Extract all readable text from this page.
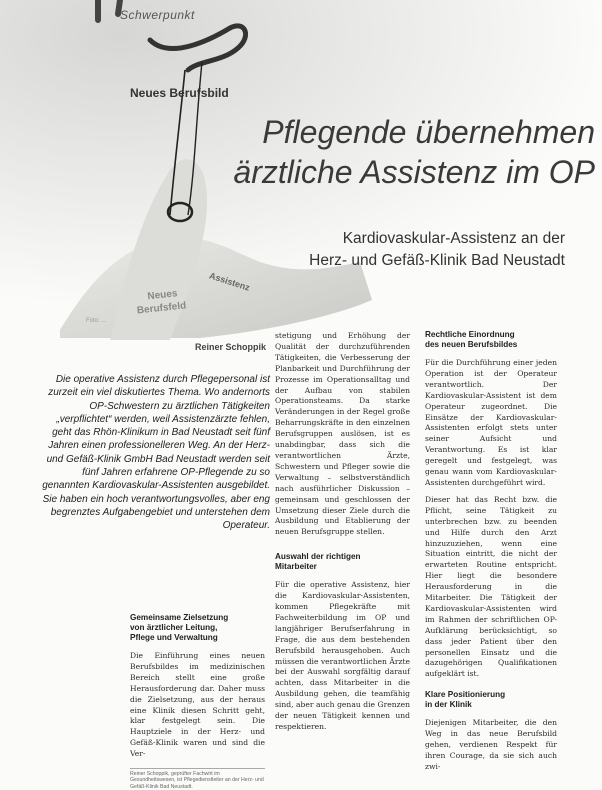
Assistenz
Neues
Berufsfeld
Schwerpunkt
Neues Berufsbild
Pflegende übernehmen
ärztliche Assistenz im OP
Kardiovaskular-Assistenz an der
Herz- und Gefäß-Klinik Bad Neustadt
Reiner Schoppik
Die operative Assistenz durch Pflegepersonal ist zurzeit ein viel diskutiertes Thema. Wo andernorts OP-Schwestern zu ärztlichen Tätigkeiten „verpflichtet“ werden, weil Assistenzärzte fehlen, geht das Rhön-Klinikum in Bad Neustadt seit fünf Jahren einen professionelleren Weg. An der Herz- und Gefäß-Klinik GmbH Bad Neustadt werden seit fünf Jahren erfahrene OP-Pflegende zu so genannten Kardiovaskular-Assistenten ausgebildet. Sie haben ein hoch verantwortungsvolles, aber eng begrenztes Aufgabengebiet und unterstehen dem Operateur.
Gemeinsame Zielsetzung
von ärztlicher Leitung,
Pflege und Verwaltung

Die Einführung eines neuen Berufsbildes im medizinischen Bereich stellt eine große Herausforderung dar. Daher muss die Zielsetzung, aus der heraus eine Klinik diesen Schritt geht, klar festgelegt sein. Die Hauptziele in der Herz- und Gefäß-Klinik waren und sind die Ver-

Reiner Schoppik, geprüfter Fachwirt im Gesundheitswesen, ist Pflegedienstleiter an der Herz- und Gefäß-Klinik Bad Neustadt.

stetigung und Erhöhung der Qualität der durchzuführenden Tätigkeiten, die Verbesserung der Planbarkeit und Durchführung der Prozesse im Operationsalltag und der Aufbau von stabilen Operationsteams. Da starke Veränderungen in der Regel große Beharrungskräfte in den einzelnen Berufsgruppen auslösen, ist es unabdingbar, dass sich die verantwortlichen Ärzte, Schwestern und Pfleger sowie die Verwaltung – selbstverständlich nach ausführlicher Diskussion – gemeinsam und geschlossen der Umsetzung dieser Ziele durch die Ausbildung und Etablierung der neuen Berufsgruppe stellen.

Auswahl der richtigen
Mitarbeiter

Für die operative Assistenz, hier die Kardiovaskular-Assistenten, kommen Pflegekräfte mit Fachweiterbildung im OP und langjähriger Berufserfahrung in Frage, die aus dem bestehenden Berufsbild herausgehoben. Auch müssen die verantwortlichen Ärzte bei der Auswahl sorgfältig darauf achten, dass Mitarbeiter in die Ausbildung gehen, die teamfähig sind, aber auch genau die Grenzen der neuen Tätigkeit kennen und respektieren.

Rechtliche Einordnung
des neuen Berufsbildes

Für die Durchführung einer jeden Operation ist der Operateur verantwortlich. Der Kardiovaskular-Assistent ist dem Operateur zugeordnet. Die Einsätze der Kardiovaskular-Assistenten erfolgt stets unter seiner Aufsicht und Verantwortung. Es ist klar geregelt und festgelegt, was genau wann vom Kardiovaskular-Assistenten durchgeführt wird.

Dieser hat das Recht bzw. die Pflicht, seine Tätigkeit zu unterbrechen bzw. zu beenden und Hilfe durch den Arzt hinzuzuziehen, wenn eine Situation eintritt, die nicht der erwarteten Routine entspricht. Hier liegt die besondere Herausforderung in die Mitarbeiter. Die Tätigkeit der Kardiovaskular-Assistenten wird im Rahmen der schriftlichen OP-Aufklärung berücksichtigt, so dass jeder Patient über den personellen Einsatz und die dazugehörigen Qualifikationen aufgeklärt ist.

Klare Positionierung
in der Klinik

Diejenigen Mitarbeiter, die den Weg in das neue Berufsbild gehen, verdienen Respekt für ihren Courage, da sie sich auch zwi-

Foto: ...
